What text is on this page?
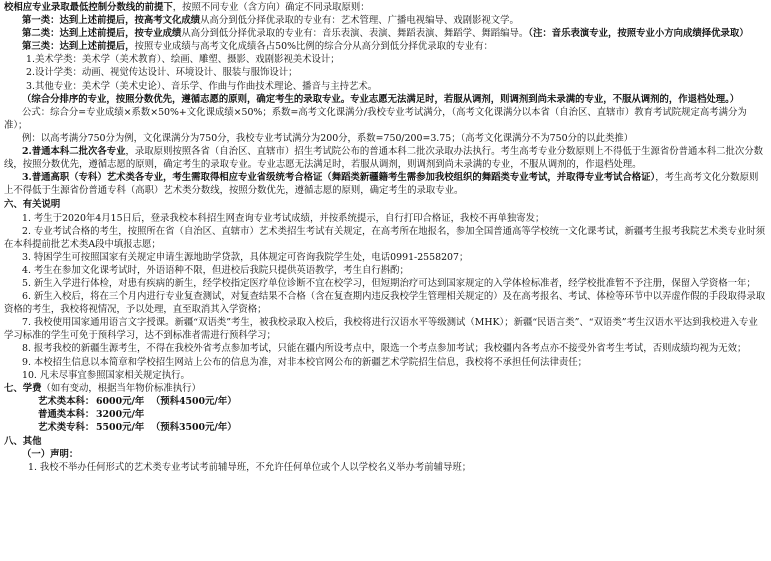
校相应专业录取最低控制分数线的前提下，按照不同专业（含方向）确定不同录取原则：

第一类：达到上述前提后，按高考文化成绩从高分到低分择优录取的专业有：艺术管理、广播电视编导、戏剧影视文学。

第二类：达到上述前提后，按专业成绩从高分到低分择优录取的专业有：音乐表演、表演、舞蹈表演、舞蹈学、舞蹈编导。（注：音乐表演专业，按照专业小方向成绩择优录取）

第三类：达到上述前提后，按照专业成绩与高考文化成绩各占50%比例的综合分从高分到低分择优录取的专业有：

1.美术学类：美术学（美术教育）、绘画、雕塑、摄影、戏剧影视美术设计；

2.设计学类：动画、视觉传达设计、环境设计、服装与服饰设计；

3.其他专业：美术学（美术史论）、音乐学、作曲与作曲技术理论、播音与主持艺术。

（综合分排序的专业，按照分数优先，遵循志愿的原则，确定考生的录取专业。专业志愿无法满足时，若服从调剂，则调剂到尚未录满的专业，不服从调剂的，作退档处理。）

公式：综合分=专业成绩×系数×50%+文化课成绩×50%；系数=高考文化课满分/我校专业考试满分，（高考文化课满分以本省（自治区、直辖市）教育考试院规定高考满分为准）；

例：以高考满分750分为例，文化课满分为750分，我校专业考试满分为200分，系数=750/200=3.75；（高考文化课满分不为750分的以此类推）

2.普通本科二批次各专业，录取原则按照各省（自治区、直辖市）招生考试院公布的普通本科二批次录取办法执行。考生高考专业分数原则上不得低于生源省份普通本科二批次分数线，按照分数优先，遵循志愿的原则，确定考生的录取专业。专业志愿无法满足时，若服从调剂，则调剂到尚未录满的专业，不服从调剂的，作退档处理。

3.普通高职（专科）艺术类各专业，考生需取得相应专业省级统考合格证（舞蹈类新疆籍考生需参加我校组织的舞蹈类专业考试，并取得专业考试合格证），考生高考文化分数原则上不得低于生源省份普通专科（高职）艺术类分数线，按照分数优先，遵循志愿的原则，确定考生的录取专业。

六、有关说明

1. 考生于2020年4月15日后，登录我校本科招生网查询专业考试成绩，并按系统提示，自行打印合格证，我校不再单独寄发；

2. 专业考试合格的考生，按照所在省（自治区、直辖市）艺术类招生考试有关规定，在高考所在地报名，参加全国普通高等学校统一文化课考试，新疆考生报考我院艺术类专业时须在本科提前批艺术类A段中填报志愿；

3. 特困学生可按照国家有关规定申请生源地助学贷款，具体规定可咨询我院学生处，电话0991-2558207；

4. 考生在参加文化课考试时，外语语种不限，但进校后我院只提供英语教学，考生自行斟酌；

5. 新生入学进行体检，对患有疾病的新生，经学校指定医疗单位诊断不宜在校学习，但短期治疗可达到国家规定的入学体检标准者，经学校批准暂不予注册，保留入学资格一年；

6. 新生入校后，将在三个月内进行专业复查测试，对复查结果不合格（含在复查期内违反我校学生管理相关规定的）及在高考报名、考试、体检等环节中以弄虚作假的手段取得录取资格的考生，我校将视情况，予以处理，直至取消其入学资格；

7. 我校使用国家通用语言文字授课。新疆“双语类”考生，被我校录取入校后，我校将进行汉语水平等级测试（MHK）；新疆“民语言类”、“双语类”考生汉语水平达到我校进入专业学习标准的学生可免于预科学习，达不到标准者需进行预科学习；

8. 报考我校的新疆生源考生，不得在我校外省考点参加考试，只能在疆内所设考点中，限选一个考点参加考试；我校疆内各考点亦不接受外省考生考试，否则成绩均视为无效；

9. 本校招生信息以本简章和学校招生网站上公布的信息为准，对非本校官网公布的新疆艺术学院招生信息，我校将不承担任何法律责任；

10. 凡未尽事宜参照国家相关规定执行。

七、学费（如有变动，根据当年物价标准执行）

艺术类本科： 6000元/年 （预科4500元/年）

普通类本科： 3200元/年

艺术类专科： 5500元/年 （预科3500元/年）

八、其他

（一）声明：

1. 我校不举办任何形式的艺术类专业考试考前辅导班，不允许任何单位或个人以学校名义举办考前辅导班；
